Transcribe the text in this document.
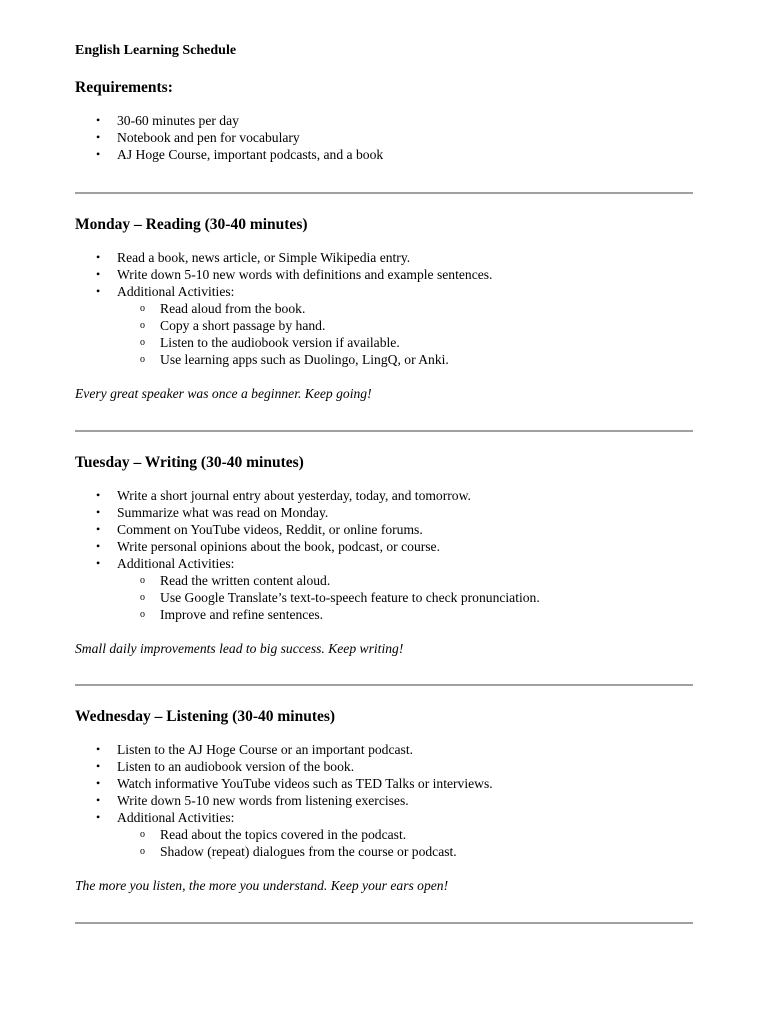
English Learning Schedule
Requirements:
• 30-60 minutes per day
• Notebook and pen for vocabulary
• AJ Hoge Course, important podcasts, and a book
Monday – Reading (30-40 minutes)
• Read a book, news article, or Simple Wikipedia entry.
• Write down 5-10 new words with definitions and example sentences.
• Additional Activities:
o Read aloud from the book.
o Copy a short passage by hand.
o Listen to the audiobook version if available.
o Use learning apps such as Duolingo, LingQ, or Anki.
Every great speaker was once a beginner. Keep going!
Tuesday – Writing (30-40 minutes)
• Write a short journal entry about yesterday, today, and tomorrow.
• Summarize what was read on Monday.
• Comment on YouTube videos, Reddit, or online forums.
• Write personal opinions about the book, podcast, or course.
• Additional Activities:
o Read the written content aloud.
o Use Google Translate’s text-to-speech feature to check pronunciation.
o Improve and refine sentences.
Small daily improvements lead to big success. Keep writing!
Wednesday – Listening (30-40 minutes)
• Listen to the AJ Hoge Course or an important podcast.
• Listen to an audiobook version of the book.
• Watch informative YouTube videos such as TED Talks or interviews.
• Write down 5-10 new words from listening exercises.
• Additional Activities:
o Read about the topics covered in the podcast.
o Shadow (repeat) dialogues from the course or podcast.
The more you listen, the more you understand. Keep your ears open!
